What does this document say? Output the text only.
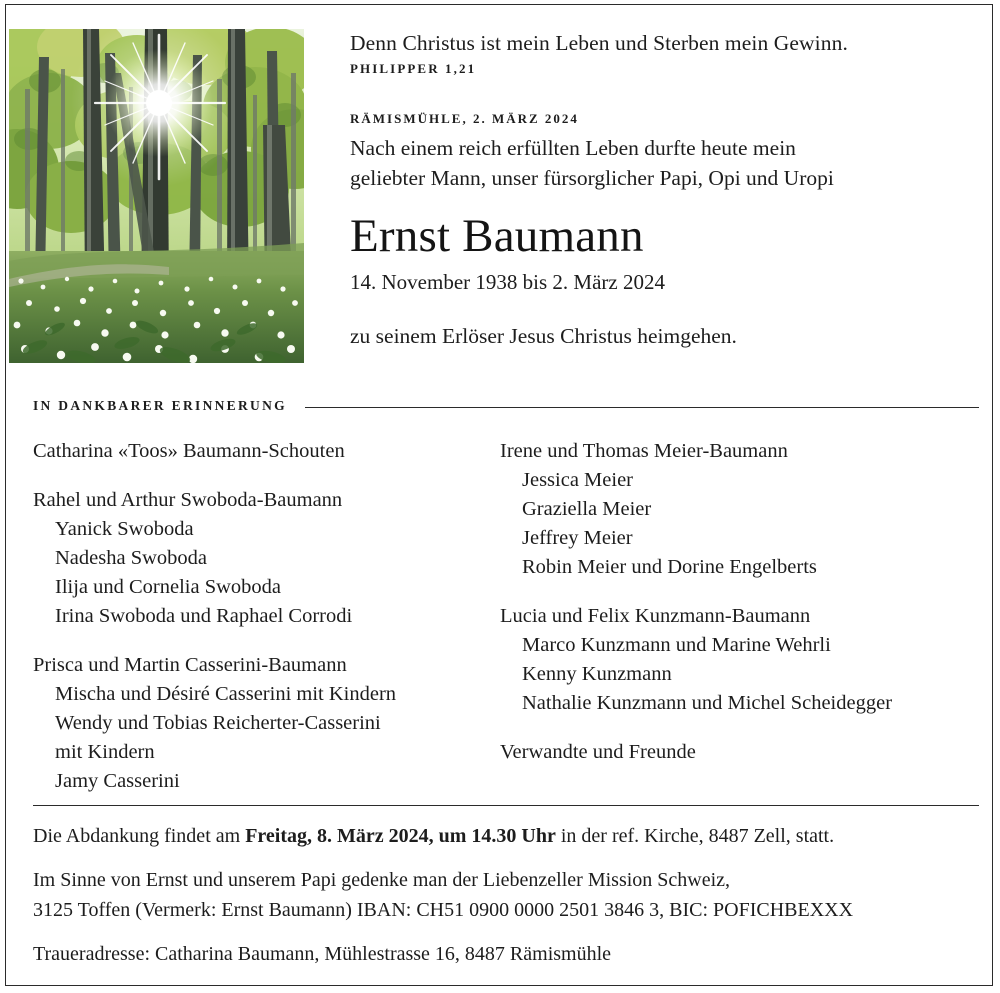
Denn Christus ist mein Leben und Sterben mein Gewinn.
PHILIPPER 1,21
RÄMISMÜHLE, 2. MÄRZ 2024
Nach einem reich erfüllten Leben durfte heute mein
geliebter Mann, unser fürsorglicher Papi, Opi und Uropi
Ernst Baumann
14. November 1938 bis 2. März 2024
zu seinem Erlöser Jesus Christus heimgehen.
IN DANKBARER ERINNERUNG
Catharina «Toos» Baumann-Schouten
Rahel und Arthur Swoboda-Baumann
Yanick Swoboda
Nadesha Swoboda
Ilija und Cornelia Swoboda
Irina Swoboda und Raphael Corrodi
Prisca und Martin Casserini-Baumann
Mischa und Désiré Casserini mit Kindern
Wendy und Tobias Reicherter-Casserini
mit Kindern
Jamy Casserini
Irene und Thomas Meier-Baumann
Jessica Meier
Graziella Meier
Jeffrey Meier
Robin Meier und Dorine Engelberts
Lucia und Felix Kunzmann-Baumann
Marco Kunzmann und Marine Wehrli
Kenny Kunzmann
Nathalie Kunzmann und Michel Scheidegger
Verwandte und Freunde
Die Abdankung findet am Freitag, 8. März 2024, um 14.30 Uhr in der ref. Kirche, 8487 Zell, statt.
Im Sinne von Ernst und unserem Papi gedenke man der Liebenzeller Mission Schweiz,
3125 Toffen (Vermerk: Ernst Baumann) IBAN: CH51 0900 0000 2501 3846 3, BIC: POFICHBEXXX
Traueradresse: Catharina Baumann, Mühlestrasse 16, 8487 Rämismühle
